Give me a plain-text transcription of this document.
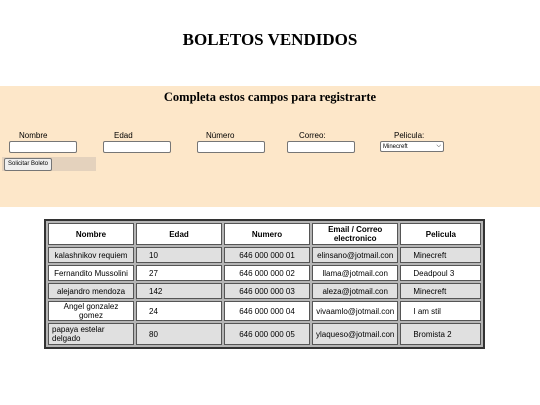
BOLETOS VENDIDOS
Completa estos campos para registrarte
Nombre	Edad	Número	Correo:	Pelicula:
Minecreft	⌵
Solicitar Boleto
Nombre	Edad	Numero	Email / Correo electronico	Pelicula
kalashnikov requiem	10	646 000 000 01	elinsano@jotmail.con	Minecreft
Fernandito Mussolini	27	646 000 000 02	llama@jotmail.con	Deadpoul 3
alejandro mendoza	142	646 000 000 03	aleza@jotmail.con	Minecreft
Angel gonzalez gomez	24	646 000 000 04	vivaamlo@jotmail.con	I am stil
papaya estelar delgado	80	646 000 000 05	ylaqueso@jotmail.con	Bromista 2
